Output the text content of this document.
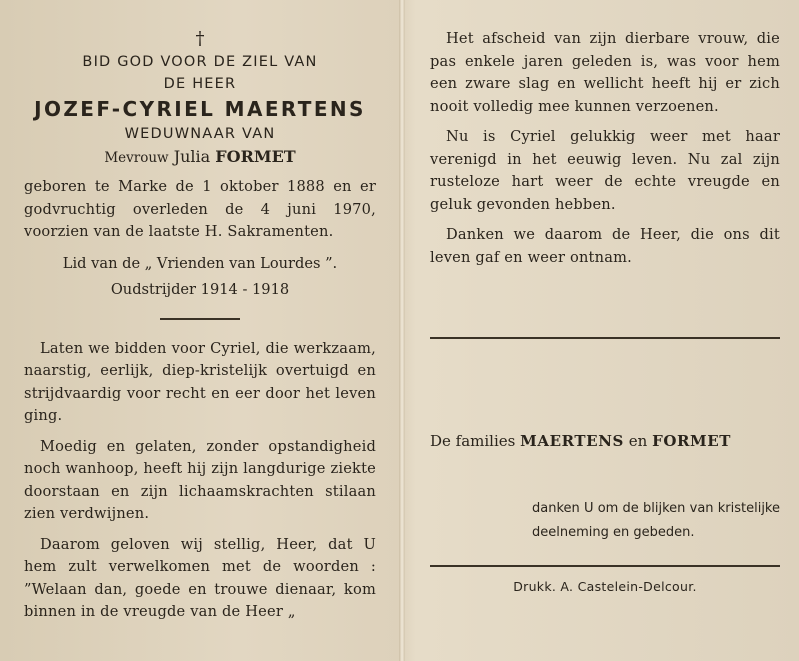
†
BID GOD VOOR DE ZIEL VAN
DE HEER
JOZEF-CYRIEL MAERTENS
WEDUWNAAR VAN
Mevrouw Julia FORMET

geboren te Marke de 1 oktober 1888 en er godvruchtig overleden de 4 juni 1970, voorzien van de laatste H. Sakramenten.

Lid van de „ Vrienden van Lourdes ”.
Oudstrijder 1914 - 1918

Laten we bidden voor Cyriel, die werkzaam, naarstig, eerlijk, diep-kristelijk overtuigd en strijdvaardig voor recht en eer door het leven ging.

Moedig en gelaten, zonder opstandigheid noch wanhoop, heeft hij zijn langdurige ziekte doorstaan en zijn lichaamskrachten stilaan zien verdwijnen.

Daarom geloven wij stellig, Heer, dat U hem zult verwelkomen met de woorden : ”Welaan dan, goede en trouwe dienaar, kom binnen in de vreugde van de Heer „

Het afscheid van zijn dierbare vrouw, die pas enkele jaren geleden is, was voor hem een zware slag en wellicht heeft hij er zich nooit volledig mee kunnen verzoenen.

Nu is Cyriel gelukkig weer met haar verenigd in het eeuwig leven. Nu zal zijn rusteloze hart weer de echte vreugde en geluk gevonden hebben.

Danken we daarom de Heer, die ons dit leven gaf en weer ontnam.

De families MAERTENS en FORMET

danken U om de blijken van kristelijke deelneming en gebeden.

Drukk. A. Castelein-Delcour.
